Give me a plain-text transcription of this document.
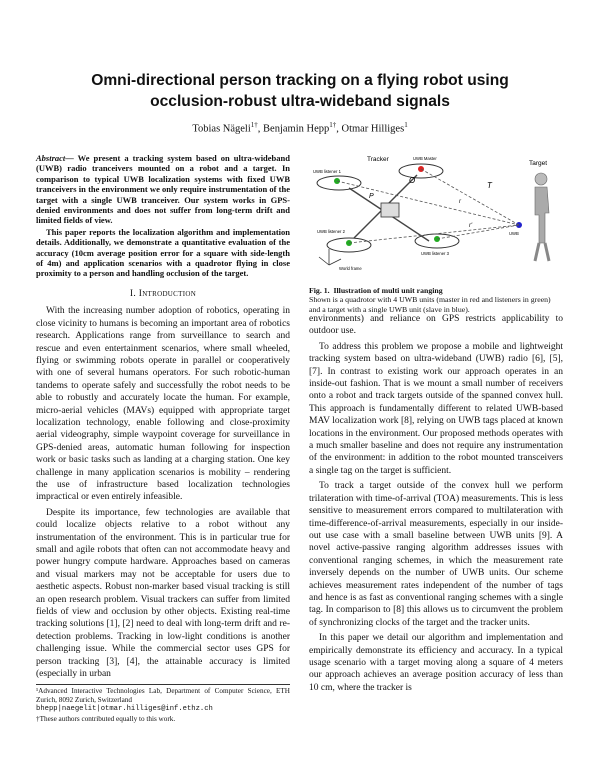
Omni-directional person tracking on a flying robot using
occlusion-robust ultra-wideband signals
Tobias Nägeli$^{1\dagger}$, Benjamin Hepp$^{1\dagger}$, Otmar Hilliges$^1$

Abstract— We present a tracking system based on ultra-wideband (UWB) radio tranceivers mounted on a robot and a target. In comparison to typical UWB localization systems with fixed UWB tranceivers in the environment we only require instrumentation of the target with a single UWB tranceiver. Our system works in GPS-denied environments and does not suffer from long-term drift and limited fields of view.

This paper reports the localization algorithm and implementation details. Additionally, we demonstrate a quantitative evaluation of the accuracy (10cm average position error for a square with side-length of 4m) and application scenarios with a quadrotor flying in close proximity to a person and handling occlusion of the target.

I. Introduction

With the increasing number adoption of robotics, operating in close vicinity to humans is becoming an important area of robotics research. Applications range from surveillance to search and rescue and even entertainment scenarios, where small wheeled, flying or swimming robots operate in parallel or cooperatively with one of several humans operators. For such robotic-human tandems to operate safely and successfully the robot needs to be able to robustly and accurately locate the human. For example, micro-aerial vehicles (MAVs) equipped with appropriate target localization technology, enable following and close-proximity aerial videography, simple waypoint coverage for surveillance in GPS-denied areas, automatic human following for inspection work or basic tasks such as landing at a charging station. One key challenge in many application scenarios is mobility – rendering the use of infrastructure based localization technologies impractical or even entirely infeasible.

Despite its importance, few technologies are available that could localize objects relative to a robot without any instrumentation of the environment. This is in particular true for small and agile robots that often can not accommodate heavy and power hungry compute hardware. Approaches based on cameras and visual markers may not be acceptable for users due to aesthetic aspects. Robust non-marker based visual tracking is still an open research problem. Visual trackers can suffer from limited fields of view and occlusion by other objects. Existing real-time tracking solutions [1], [2] need to deal with long-term drift and re-detection problems. Tracking in low-light conditions is another challenging issue. While the commercial sector uses GPS for person tracking [3], [4], the attainable accuracy is limited (especially in urban

¹Advanced Interactive Technologies Lab, Department of Computer Science, ETH Zurich, 8092 Zurich, Switzerland
bhepp|naegelit|otmar.hilliges@inf.ethz.ch
†These authors contributed equally to this work.
Tracker
Target
UWB listener 1
UWB listener 2
UWB listener 3
UWB Master
UWB
World frame
O
T
P
r
r'
Fig. 1. Illustration of multi unit ranging
Shown is a quadrotor with 4 UWB units (master in red and listeners in green) and a target with a single UWB unit (slave in blue).

environments) and reliance on GPS restricts applicability to outdoor use.

To address this problem we propose a mobile and lightweight tracking system based on ultra-wideband (UWB) radio [6], [5], [7]. In contrast to existing work our approach operates in an inside-out fashion. That is we mount a small number of receivers onto a robot and track targets outside of the spanned convex hull. This approach is fundamentally different to related UWB-based MAV localization work [8], relying on UWB tags placed at known locations in the environment. Our proposed methods operates with a much smaller baseline and does not require any instrumentation of the environment: in addition to the robot mounted transceivers a single tag on the target is sufficient.

To track a target outside of the convex hull we perform trilateration with time-of-arrival (TOA) measurements. This is less sensitive to measurement errors compared to multilateration with time-difference-of-arrival measurements, especially in our inside-out use case with a small baseline between UWB units [9]. A novel active-passive ranging algorithm addresses issues with conventional ranging schemes, in which the measurement rate inversely depends on the number of UWB units. Our scheme achieves measurement rates independent of the number of tags and hence is as fast as conventional ranging schemes with a single tag. In comparison to [8] this allows us to circumvent the problem of synchronizing clocks of the target and the tracker units.

In this paper we detail our algorithm and implementation and empirically demonstrate its efficiency and accuracy. In a typical usage scenario with a target moving along a square of 4 meters our approach achieves an average position accuracy of less than 10 cm, where the tracker is
